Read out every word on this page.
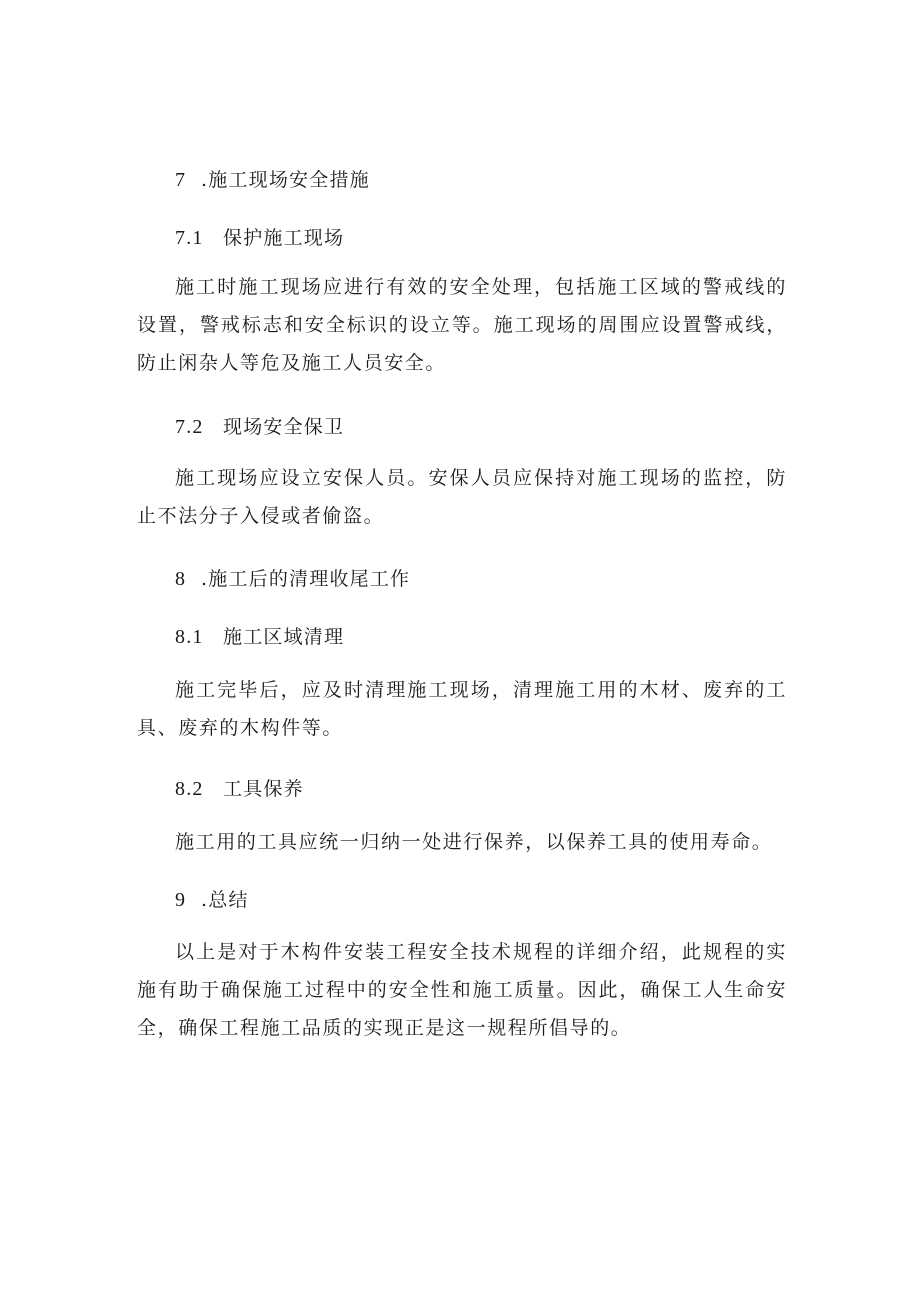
7 .施工现场安全措施
7.1 保护施工现场

施工时施工现场应进行有效的安全处理，包括施工区域的警戒线的设置，警戒标志和安全标识的设立等。施工现场的周围应设置警戒线，防止闲杂人等危及施工人员安全。

7.2 现场安全保卫

施工现场应设立安保人员。安保人员应保持对施工现场的监控，防止不法分子入侵或者偷盗。

8 .施工后的清理收尾工作
8.1 施工区域清理

施工完毕后，应及时清理施工现场，清理施工用的木材、废弃的工具、废弃的木构件等。

8.2 工具保养

施工用的工具应统一归纳一处进行保养，以保养工具的使用寿命。

9 .总结

以上是对于木构件安装工程安全技术规程的详细介绍，此规程的实施有助于确保施工过程中的安全性和施工质量。因此，确保工人生命安全，确保工程施工品质的实现正是这一规程所倡导的。
